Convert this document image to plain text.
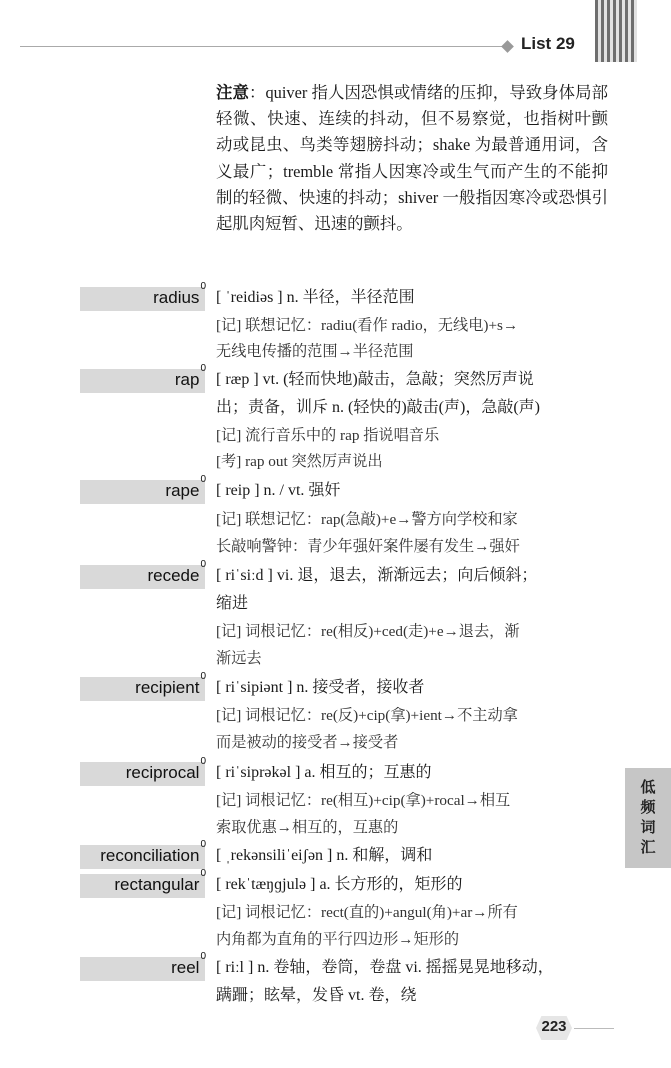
List 29
注意：quiver 指人因恐惧或情绪的压抑，导致身体局部轻微、快速、连续的抖动，但不易察觉，也指树叶颤动或昆虫、鸟类等翅膀抖动；shake 为最普通用词，含义最广；tremble 常指人因寒冷或生气而产生的不能抑制的轻微、快速的抖动；shiver 一般指因寒冷或恐惧引起肌肉短暂、迅速的颤抖。
radius$^0$
[ ˈreidiəs ] n. 半径，半径范围
[记] 联想记忆：radiu(看作 radio，无线电)+s→
无线电传播的范围→半径范围
rap$^0$
[ ræp ] vt. (轻而快地)敲击，急敲；突然厉声说
出；责备，训斥 n. (轻快的)敲击(声)，急敲(声)
[记] 流行音乐中的 rap 指说唱音乐
[考] rap out 突然厉声说出
rape$^0$
[ reip ] n. / vt. 强奸
[记] 联想记忆：rap(急敲)+e→警方向学校和家
长敲响警钟：青少年强奸案件屡有发生→强奸
recede$^0$
[ riˈsiːd ] vi. 退，退去，渐渐远去；向后倾斜；
缩进
[记] 词根记忆：re(相反)+ced(走)+e→退去，渐
渐远去
recipient$^0$
[ riˈsipiənt ] n. 接受者，接收者
[记] 词根记忆：re(反)+cip(拿)+ient→不主动拿
而是被动的接受者→接受者
reciprocal$^0$
[ riˈsiprəkəl ] a. 相互的；互惠的
[记] 词根记忆：re(相互)+cip(拿)+rocal→相互
索取优惠→相互的，互惠的
reconciliation$^0$
[ ˌrekənsiliˈeiʃən ] n. 和解，调和
rectangular$^0$
[ rekˈtæŋɡjulə ] a. 长方形的，矩形的
[记] 词根记忆：rect(直的)+angul(角)+ar→所有
内角都为直角的平行四边形→矩形的
reel$^0$
[ riːl ] n. 卷轴，卷筒，卷盘 vi. 摇摇晃晃地移动，
蹒跚；眩晕，发昏 vt. 卷，绕
低
频
词
汇
223
